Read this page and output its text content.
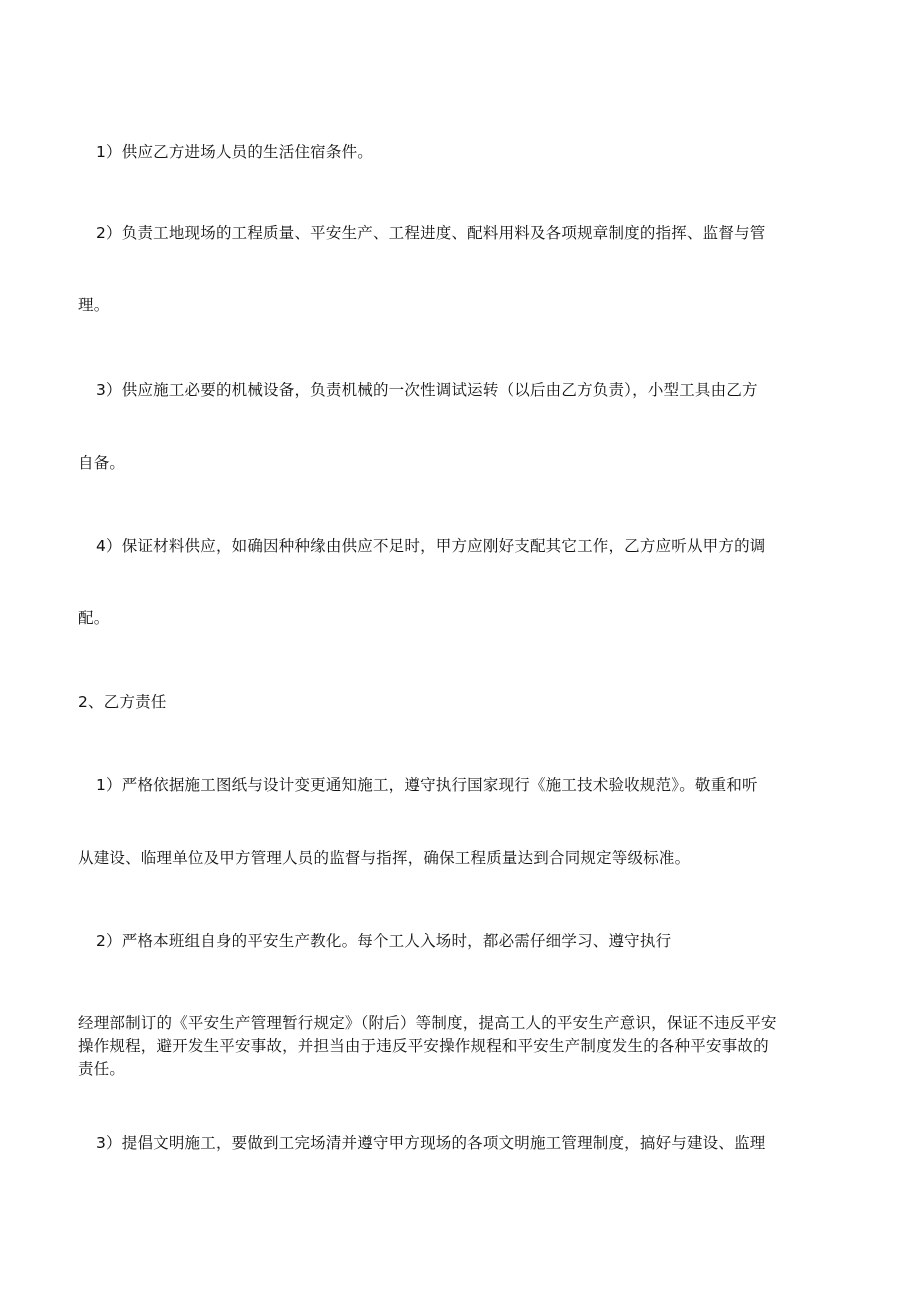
1）供应乙方进场人员的生活住宿条件。
2）负责工地现场的工程质量、平安生产、工程进度、配料用料及各项规章制度的指挥、监督与管
理。
3）供应施工必要的机械设备，负责机械的一次性调试运转（以后由乙方负责），小型工具由乙方
自备。
4）保证材料供应，如确因种种缘由供应不足时，甲方应刚好支配其它工作，乙方应听从甲方的调
配。
2、乙方责任
1）严格依据施工图纸与设计变更通知施工，遵守执行国家现行《施工技术验收规范》。敬重和听
从建设、临理单位及甲方管理人员的监督与指挥，确保工程质量达到合同规定等级标准。
2）严格本班组自身的平安生产教化。每个工人入场时，都必需仔细学习、遵守执行
经理部制订的《平安生产管理暂行规定》（附后）等制度，提高工人的平安生产意识，保证不违反平安
操作规程，避开发生平安事故，并担当由于违反平安操作规程和平安生产制度发生的各种平安事故的
责任。
3）提倡文明施工，要做到工完场清并遵守甲方现场的各项文明施工管理制度，搞好与建设、监理
